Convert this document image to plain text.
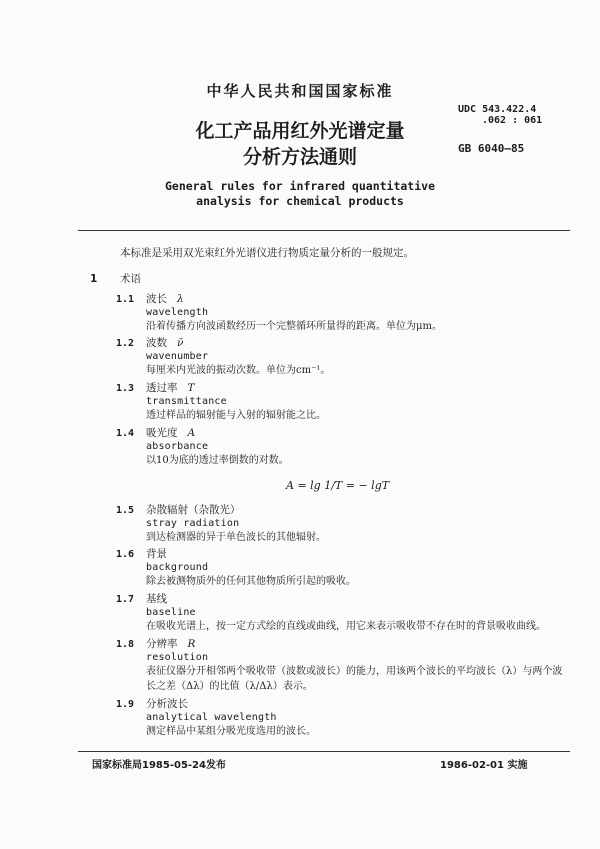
中华人民共和国国家标准
UDC 543.422.4
.062 : 061
GB 6040—85
化工产品用红外光谱定量
分析方法通则
General rules for infrared quantitative
analysis for chemical products
本标准是采用双光束红外光谱仪进行物质定量分析的一般规定。
1 术语
1.1 波长 λ
wavelength
沿着传播方向波函数经历一个完整循环所量得的距离。单位为μm。
1.2 波数 ν̄
wavenumber
每厘米内光波的振动次数。单位为cm⁻¹。
1.3 透过率 T
transmittance
透过样品的辐射能与入射的辐射能之比。
1.4 吸光度 A
absorbance
以10为底的透过率倒数的对数。
A = lg 1/T = − lgT
1.5 杂散辐射（杂散光）
stray radiation
到达检测器的异于单色波长的其他辐射。
1.6 背景
background
除去被测物质外的任何其他物质所引起的吸收。
1.7 基线
baseline
在吸收光谱上，按一定方式绘的直线或曲线，用它来表示吸收带不存在时的背景吸收曲线。
1.8 分辨率 R
resolution
表征仪器分开相邻两个吸收带（波数或波长）的能力，用该两个波长的平均波长（λ）与两个波长之差（Δλ）的比值（λ/Δλ）表示。
1.9 分析波长
analytical wavelength
测定样品中某组分吸光度选用的波长。
国家标准局1985-05-24发布	1986-02-01 实施
